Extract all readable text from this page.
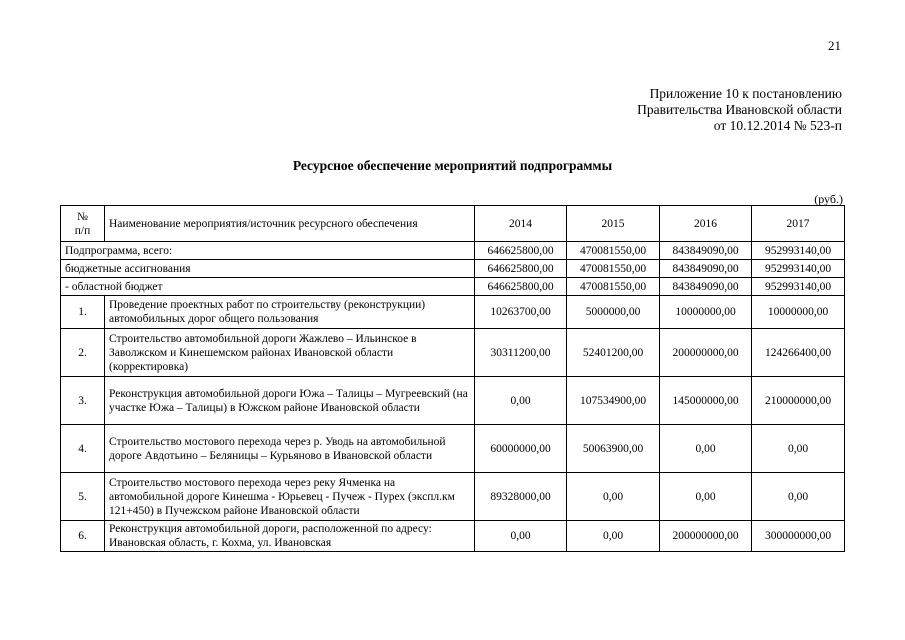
21
Приложение 10 к постановлению
Правительства Ивановской области
от 10.12.2014 № 523-п
Ресурсное обеспечение мероприятий подпрограммы
(руб.)
№
п/п	Наименование мероприятия/источник ресурсного обеспечения	2014	2015	2016	2017
Подпрограмма, всего:		646625800,00	470081550,00	843849090,00	952993140,00
бюджетные ассигнования		646625800,00	470081550,00	843849090,00	952993140,00
- областной бюджет		646625800,00	470081550,00	843849090,00	952993140,00
1.	Проведение проектных работ по строительству (реконструкции) автомобильных дорог общего пользования	10263700,00	5000000,00	10000000,00	10000000,00
2.	Строительство автомобильной дороги Жажлево – Ильинское в Заволжском и Кинешемском районах Ивановской области (корректировка)	30311200,00	52401200,00	200000000,00	124266400,00
3.	Реконструкция автомобильной дороги Южа – Талицы – Мугреевский (на участке Южа – Талицы) в Южском районе Ивановской области	0,00	107534900,00	145000000,00	210000000,00
4.	Строительство мостового перехода через р. Уводь на автомобильной дороге Авдотьино – Беляницы – Курьяново в Ивановской области	60000000,00	50063900,00	0,00	0,00
5.	Строительство мостового перехода через реку Ячменка на автомобильной дороге Кинешма - Юрьевец - Пучеж - Пурех (экспл.км 121+450) в Пучежском районе Ивановской области	89328000,00	0,00	0,00	0,00
6.	Реконструкция автомобильной дороги, расположенной по адресу: Ивановская область, г. Кохма, ул. Ивановская	0,00	0,00	200000000,00	300000000,00
